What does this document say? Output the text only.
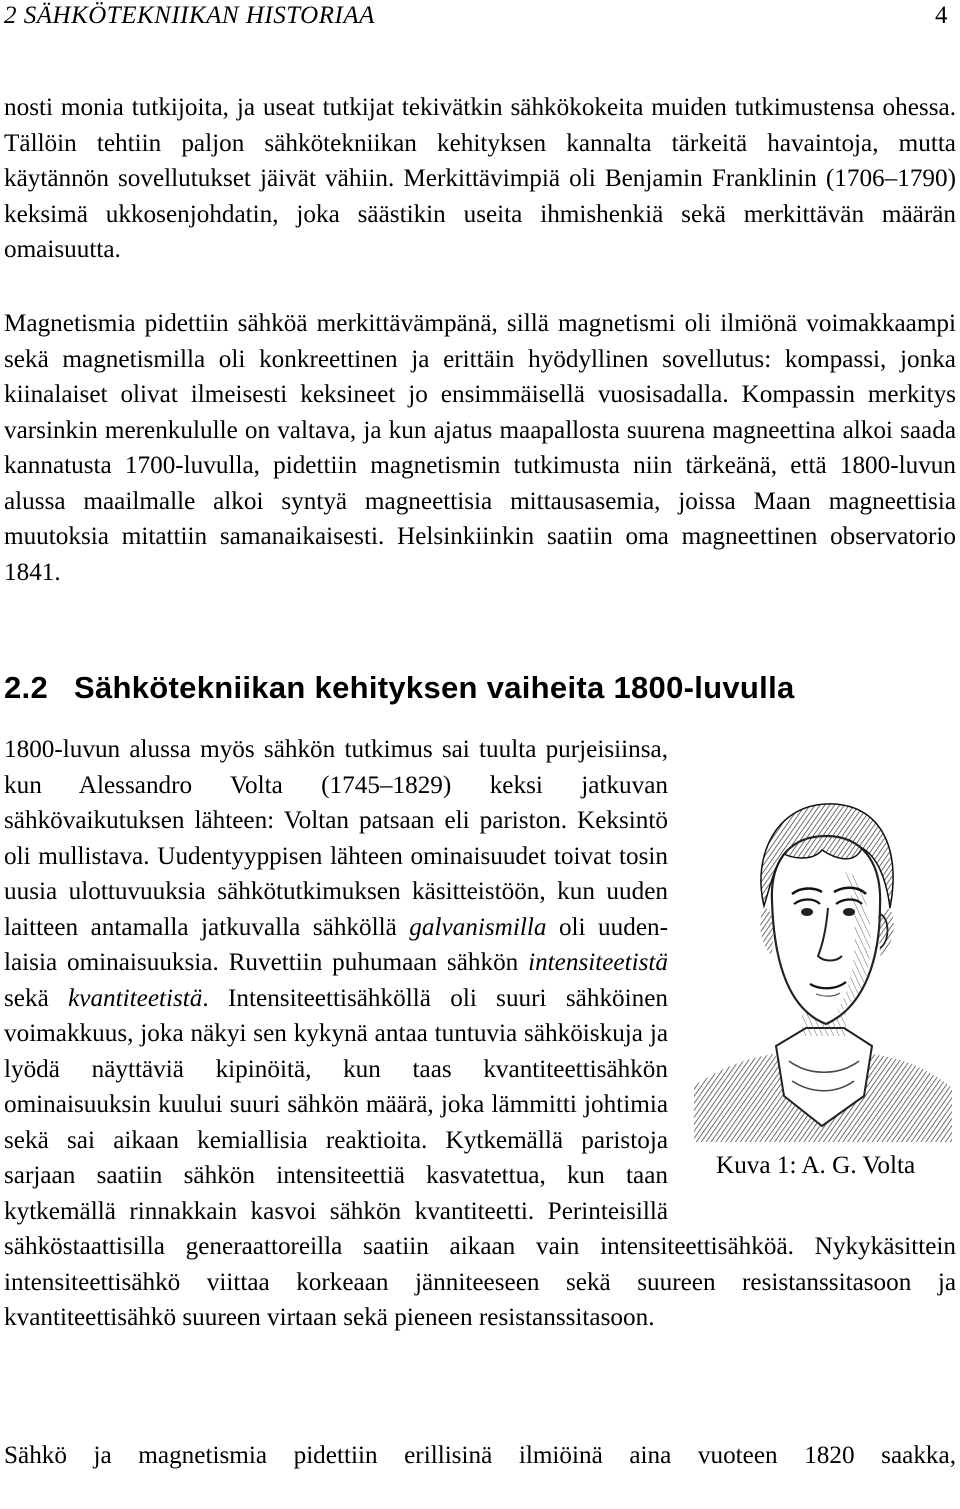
2 SÄHKÖTEKNIIKAN HISTORIAA	4

nosti monia tutkijoita, ja useat tutkijat tekivätkin sähkökokeita muiden tutkimustensa ohessa. Tällöin tehtiin paljon sähkötekniikan kehityksen kannalta tärkeitä havaintoja, mutta käytännön sovellutukset jäivät vähiin. Merkittävimpiä oli Benjamin Franklinin (1706–1790) keksimä ukkosenjohdatin, joka säästikin useita ihmishenkiä sekä merkittävän määrän omaisuutta.

Magnetismia pidettiin sähköä merkittävämpänä, sillä magnetismi oli ilmiönä voimakkaampi sekä magnetismilla oli konkreettinen ja erittäin hyödyllinen sovellutus: kompassi, jonka kiinalaiset olivat ilmeisesti keksineet jo ensimmäisellä vuosisadalla. Kompassin merkitys varsinkin merenkululle on valtava, ja kun ajatus maapallosta suurena magneettina alkoi saada kannatusta 1700-luvulla, pidettiin magnetismin tutkimusta niin tärkeänä, että 1800-luvun alussa maailmalle alkoi syntyä magneettisia mittausasemia, joissa Maan magneettisia muutoksia mitattiin samanaikaisesti. Helsinkiinkin saatiin oma magneettinen observatorio 1841.

2.2 Sähkötekniikan kehityksen vaiheita 1800-luvulla
Kuva 1: A. G. Volta
1800-luvun alussa myös sähkön tutkimus sai tuulta purjeisiinsa, kun Alessandro Volta (1745–1829) keksi jatkuvan sähkövaikutuksen lähteen: Voltan patsaan eli pariston. Keksintö oli mullistava. Uudentyyppisen lähteen ominaisuudet toivat tosin uusia ulottuvuuksia sähkötutkimuksen käsitteistöön, kun uuden laitteen antamalla jatkuvalla sähköllä galvanismilla oli uudenlaisia ominaisuuksia. Ruvettiin puhumaan sähkön intensiteetistä sekä kvantiteetistä. Intensiteettisähköllä oli suuri sähköinen voimakkuus, joka näkyi sen kykynä antaa tuntuvia sähköiskuja ja lyödä näyttäviä kipinöitä, kun taas kvantiteettisähkön ominaisuuksin kuului suuri sähkön määrä, joka lämmitti johtimia sekä sai aikaan kemiallisia reaktioita. Kytkemällä paristoja sarjaan saatiin sähkön intensiteettiä kasvatettua, kun taan kytkemällä rinnakkain kasvoi sähkön kvantiteetti. Perinteisillä sähköstaattisilla generaattoreilla saatiin aikaan vain intensiteettisähköä. Nykykäsittein intensiteettisähkö viittaa korkeaan jänniteeseen sekä suureen resistanssitasoon ja kvantiteettisähkö suureen virtaan sekä pieneen resistanssitasoon.

Sähkö ja magnetismia pidettiin erillisinä ilmiöinä aina vuoteen 1820 saakka,
